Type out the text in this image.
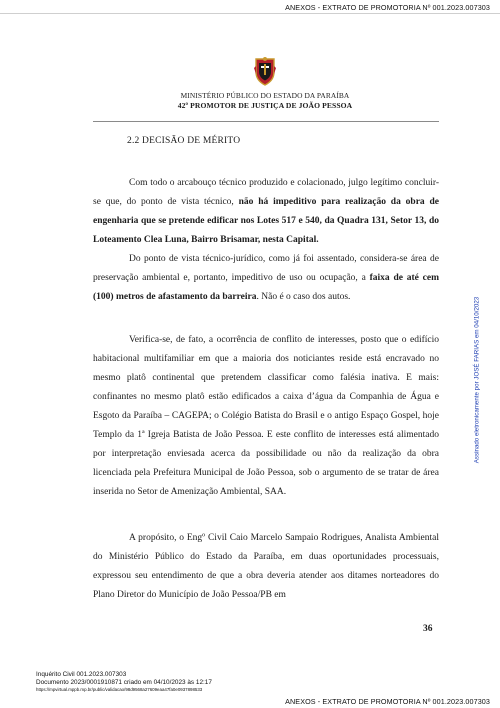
ANEXOS - EXTRATO DE PROMOTORIA Nº 001.2023.007303
MINISTÉRIO PÚBLICO DO ESTADO DA PARAÍBA
42º PROMOTOR DE JUSTIÇA DE JOÃO PESSOA
2.2 DECISÃO DE MÉRITO

Com todo o arcabouço técnico produzido e colacionado, julgo legítimo concluir-se que, do ponto de vista técnico, não há impeditivo para realização da obra de engenharia que se pretende edificar nos Lotes 517 e 540, da Quadra 131, Setor 13, do Loteamento Clea Luna, Bairro Brisamar, nesta Capital.

Do ponto de vista técnico-jurídico, como já foi assentado, considera-se área de preservação ambiental e, portanto, impeditivo de uso ou ocupação, a faixa de até cem (100) metros de afastamento da barreira. Não é o caso dos autos.

Verifica-se, de fato, a ocorrência de conflito de interesses, posto que o edifício habitacional multifamiliar em que a maioria dos noticiantes reside está encravado no mesmo platô continental que pretendem classificar como falésia inativa. E mais: confinantes no mesmo platô estão edificados a caixa d’água da Companhia de Água e Esgoto da Paraíba – CAGEPA; o Colégio Batista do Brasil e o antigo Espaço Gospel, hoje Templo da 1ª Igreja Batista de João Pessoa. E este conflito de interesses está alimentado por interpretação enviesada acerca da possibilidade ou não da realização da obra licenciada pela Prefeitura Municipal de João Pessoa, sob o argumento de se tratar de área inserida no Setor de Amenização Ambiental, SAA.

A propósito, o Engº Civil Caio Marcelo Sampaio Rodrigues, Analista Ambiental do Ministério Público do Estado da Paraíba, em duas oportunidades processuais, expressou seu entendimento de que a obra deveria atender aos ditames norteadores do Plano Diretor do Município de João Pessoa/PB em

36
Inquérito Civil 001.2023.007303
Documento 2023/0001910871 criado em 04/10/2023 às 12:17
https://mpvirtual.mppb.mp.br/public/validacao/98d9568a27609eaa47fa0e0937898533
ANEXOS - EXTRATO DE PROMOTORIA Nº 001.2023.007303
Assinado eletronicamente por JOSÉ FARIAS em 04/10/2023
